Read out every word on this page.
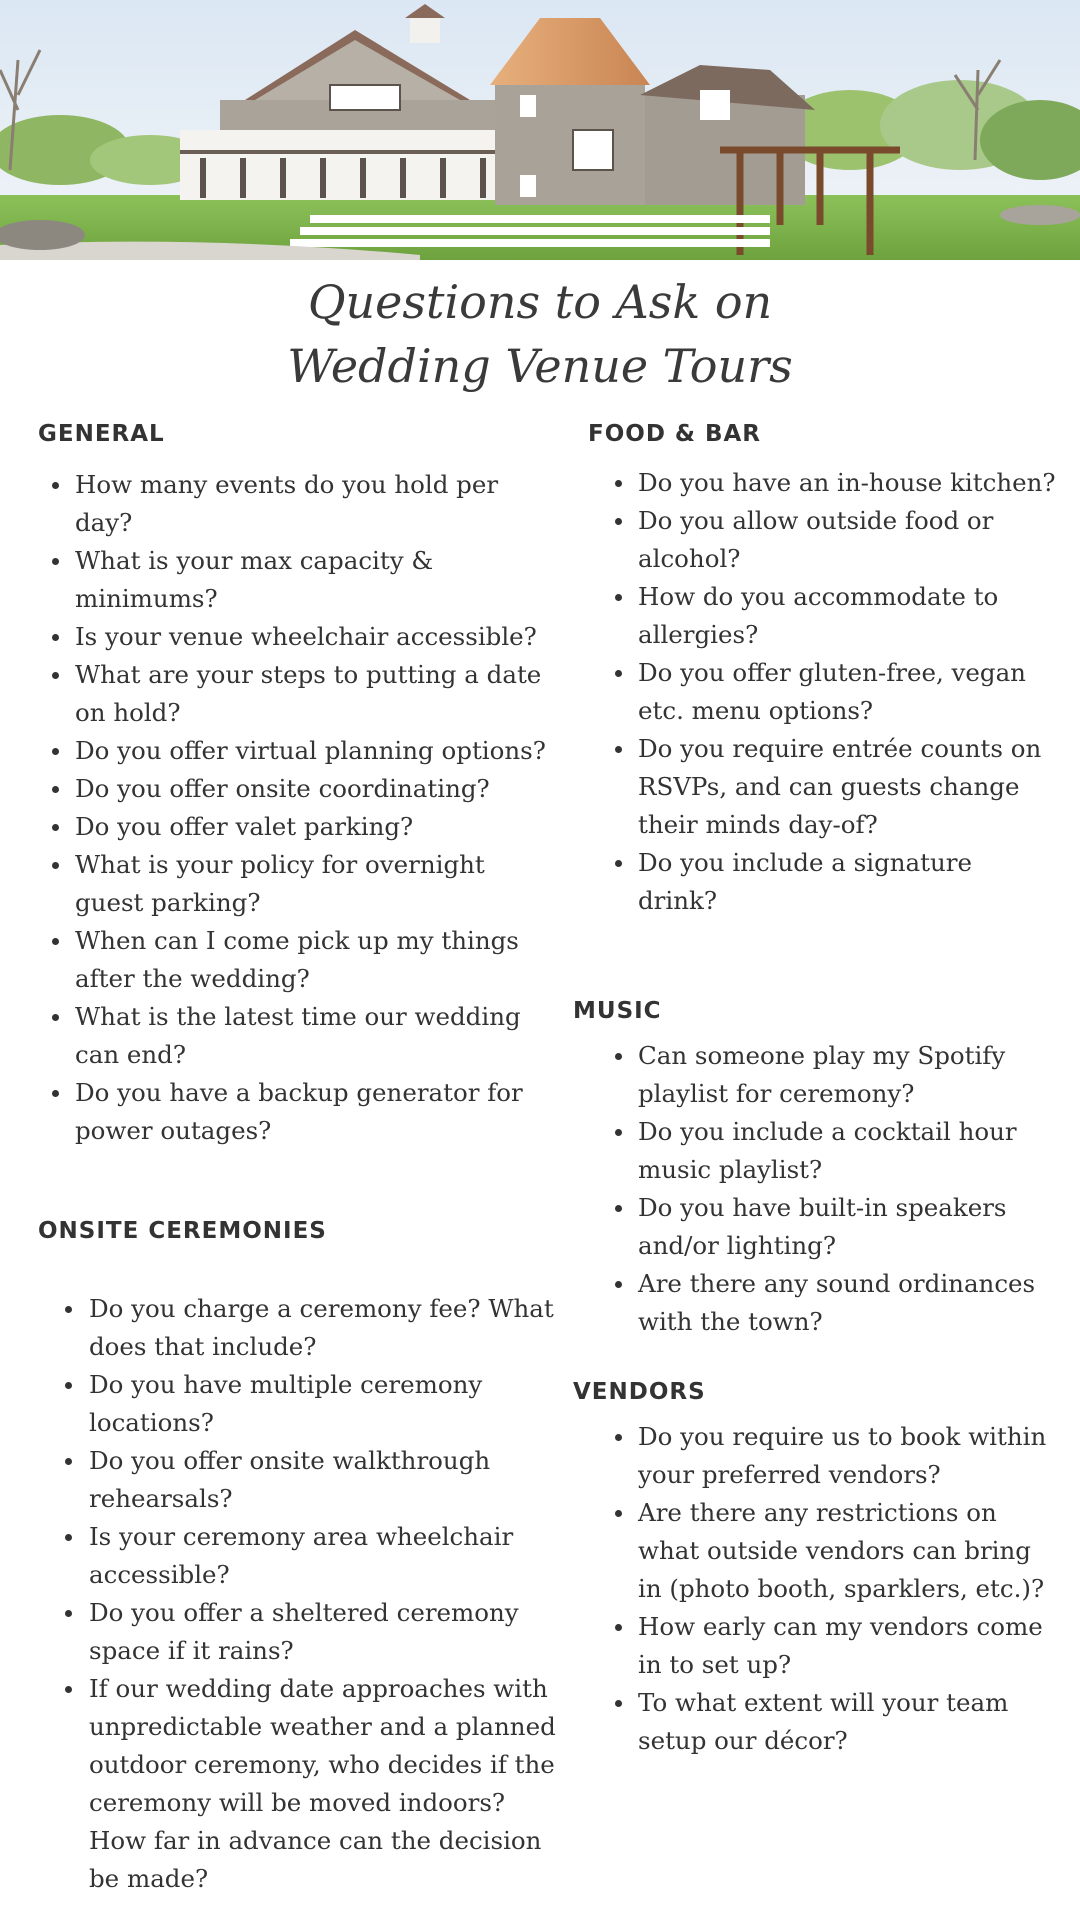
Questions to Ask on
Wedding Venue Tours
GENERAL
How many events do you hold per day?
What is your max capacity & minimums?
Is your venue wheelchair accessible?
What are your steps to putting a date on hold?
Do you offer virtual planning options?
Do you offer onsite coordinating?
Do you offer valet parking?
What is your policy for overnight guest parking?
When can I come pick up my things after the wedding?
What is the latest time our wedding can end?
Do you have a backup generator for power outages?
ONSITE CEREMONIES
Do you charge a ceremony fee? What does that include?
Do you have multiple ceremony locations?
Do you offer onsite walkthrough rehearsals?
Is your ceremony area wheelchair accessible?
Do you offer a sheltered ceremony space if it rains?
If our wedding date approaches with unpredictable weather and a planned outdoor ceremony, who decides if the ceremony will be moved indoors? How far in advance can the decision be made?
FOOD & BAR
Do you have an in-house kitchen?
Do you allow outside food or alcohol?
How do you accommodate to allergies?
Do you offer gluten-free, vegan etc. menu options?
Do you require entrée counts on RSVPs, and can guests change their minds day-of?
Do you include a signature drink?
MUSIC
Can someone play my Spotify playlist for ceremony?
Do you include a cocktail hour music playlist?
Do you have built-in speakers and/or lighting?
Are there any sound ordinances with the town?
VENDORS
Do you require us to book within your preferred vendors?
Are there any restrictions on what outside vendors can bring in (photo booth, sparklers, etc.)?
How early can my vendors come in to set up?
To what extent will your team setup our décor?
